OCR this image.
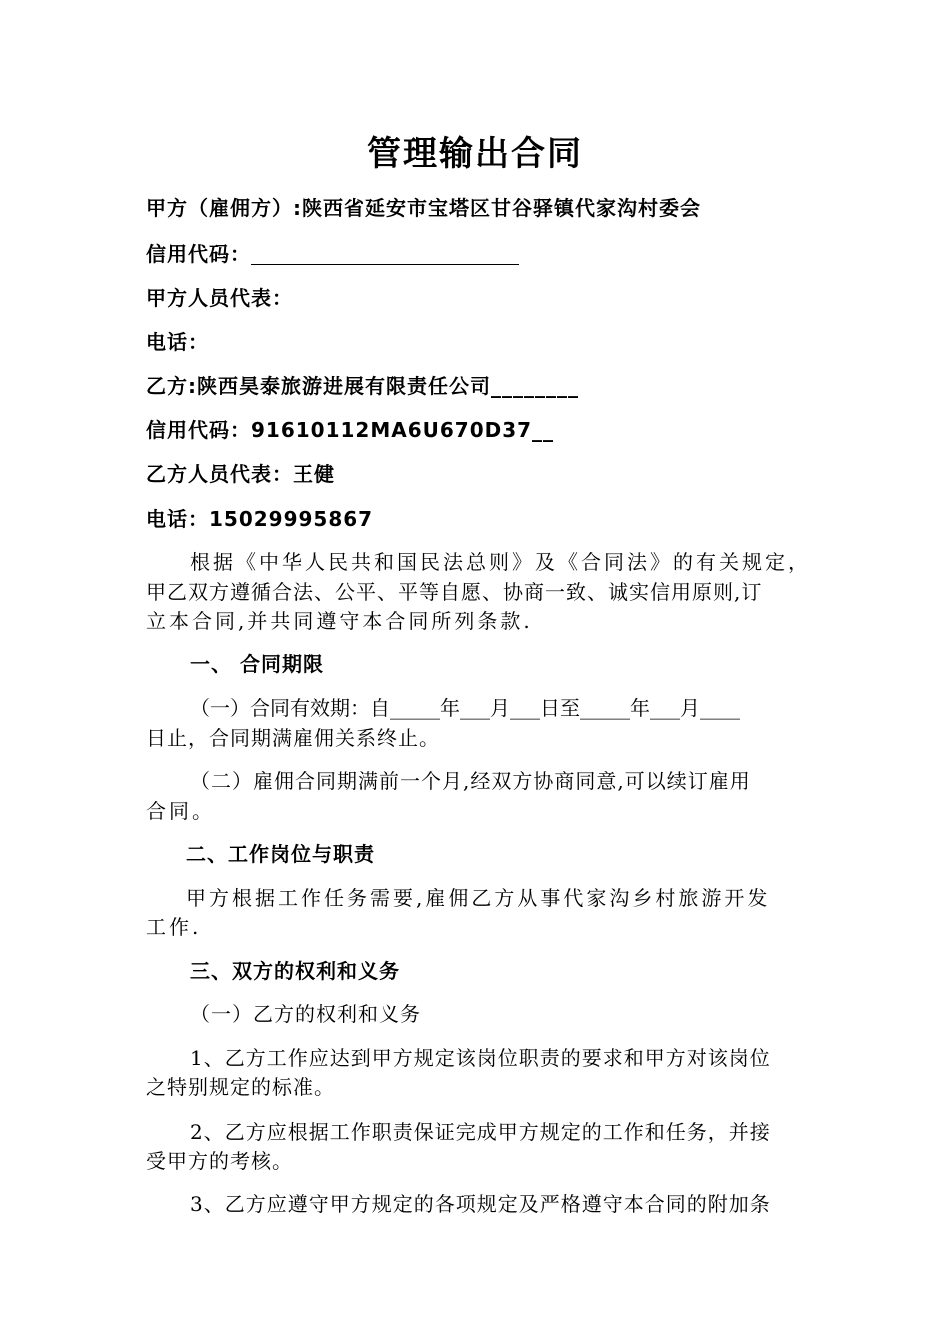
管理输出合同
甲方（雇佣方）:陕西省延安市宝塔区甘谷驿镇代家沟村委会
信用代码：
甲方人员代表：
电话：
乙方:陕西昊泰旅游进展有限责任公司________
信用代码：91610112MA6U670D37__
乙方人员代表：王健
电话：15029995867
根据《中华人民共和国民法总则》及《合同法》的有关规定，
甲乙双方遵循合法、公平、平等自愿、协商一致、诚实信用原则,订
立本合同,并共同遵守本合同所列条款.
一、 合同期限
（一）合同有效期：自_____年___月___日至_____年___月____
日止，合同期满雇佣关系终止。
（二）雇佣合同期满前一个月,经双方协商同意,可以续订雇用
合同。
二、工作岗位与职责
甲方根据工作任务需要,雇佣乙方从事代家沟乡村旅游开发
工作.
三、双方的权利和义务
（一）乙方的权利和义务
1、乙方工作应达到甲方规定该岗位职责的要求和甲方对该岗位
之特别规定的标准。
2、乙方应根据工作职责保证完成甲方规定的工作和任务，并接
受甲方的考核。
3、乙方应遵守甲方规定的各项规定及严格遵守本合同的附加条
